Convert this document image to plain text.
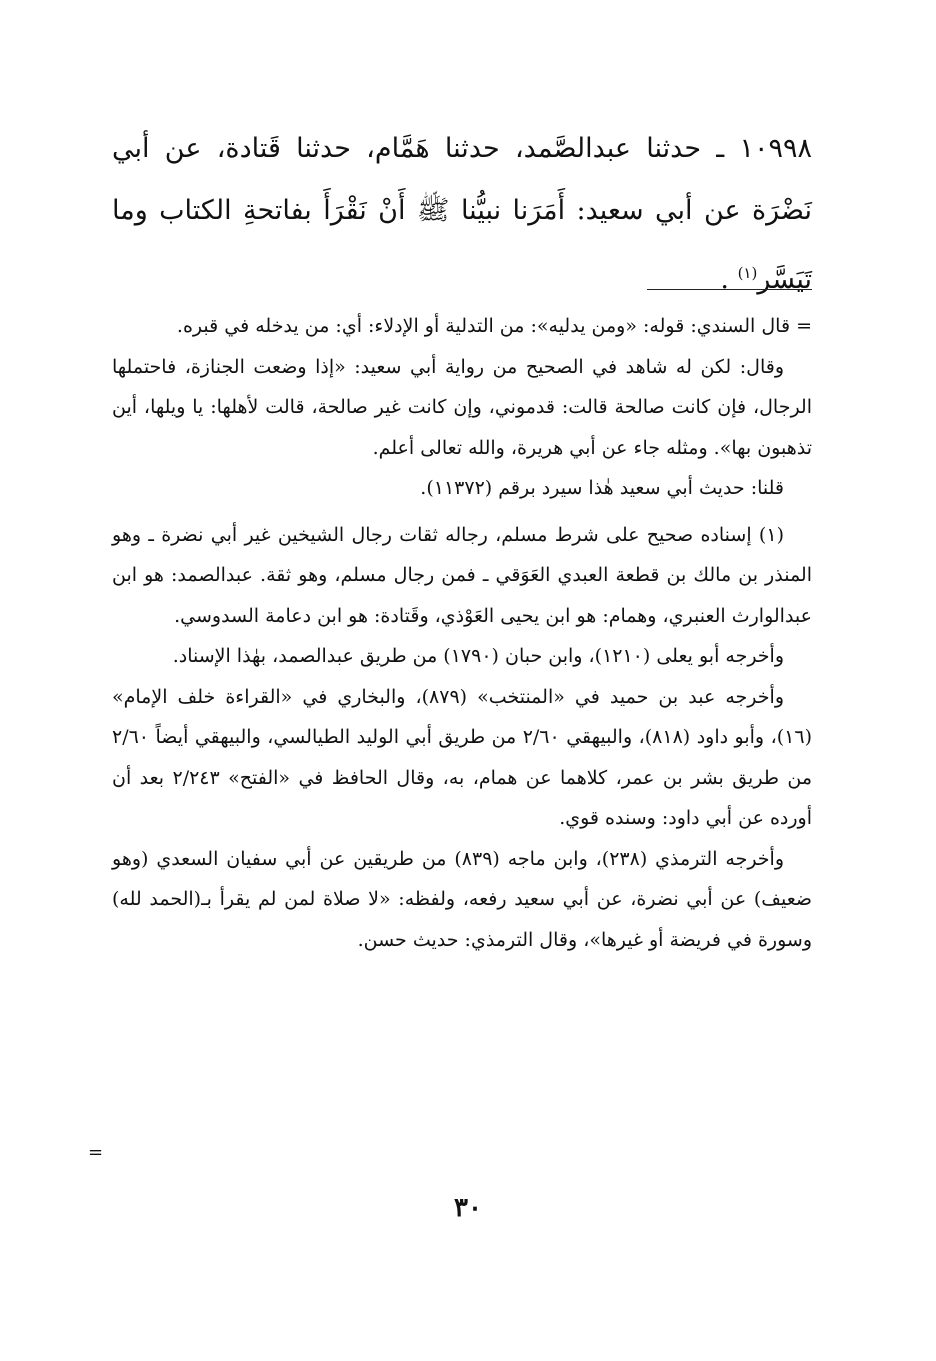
١٠٩٩٨ ـ حدثنا عبدالصَّمد، حدثنا هَمَّام، حدثنا قَتادة، عن أبي نَضْرَة عن أبي سعيد: أَمَرَنا نبيُّنا ﷺ أَنْ نَقْرَأَ بفاتحةِ الكتاب وما تَيَسَّر$^{(١)}$ .

= قال السندي: قوله: «ومن يدليه»: من التدلية أو الإدلاء: أي: من يدخله في قبره.

وقال: لكن له شاهد في الصحيح من رواية أبي سعيد: «إذا وضعت الجنازة، فاحتملها الرجال، فإن كانت صالحة قالت: قدموني، وإن كانت غير صالحة، قالت لأهلها: يا ويلها، أين تذهبون بها». ومثله جاء عن أبي هريرة، والله تعالى أعلم.

قلنا: حديث أبي سعيد هٰذا سيرد برقم (١١٣٧٢).

(١) إسناده صحيح على شرط مسلم، رجاله ثقات رجال الشيخين غير أبي نضرة ـ وهو المنذر بن مالك بن قطعة العبدي العَوَقي ـ فمن رجال مسلم، وهو ثقة. عبدالصمد: هو ابن عبدالوارث العنبري، وهمام: هو ابن يحيى العَوْذي، وقَتادة: هو ابن دعامة السدوسي.

وأخرجه أبو يعلى (١٢١٠)، وابن حبان (١٧٩٠) من طريق عبدالصمد، بهٰذا الإسناد.

وأخرجه عبد بن حميد في «المنتخب» (٨٧٩)، والبخاري في «القراءة خلف الإمام» (١٦)، وأبو داود (٨١٨)، والبيهقي ٢/٦٠ من طريق أبي الوليد الطيالسي، والبيهقي أيضاً ٢/٦٠ من طريق بشر بن عمر، كلاهما عن همام، به، وقال الحافظ في «الفتح» ٢/٢٤٣ بعد أن أورده عن أبي داود: وسنده قوي.

وأخرجه الترمذي (٢٣٨)، وابن ماجه (٨٣٩) من طريقين عن أبي سفيان السعدي (وهو ضعيف) عن أبي نضرة، عن أبي سعيد رفعه، ولفظه: «لا صلاة لمن لم يقرأ بـ(الحمد لله) وسورة في فريضة أو غيرها»، وقال الترمذي: حديث حسن.

=
٣٠
